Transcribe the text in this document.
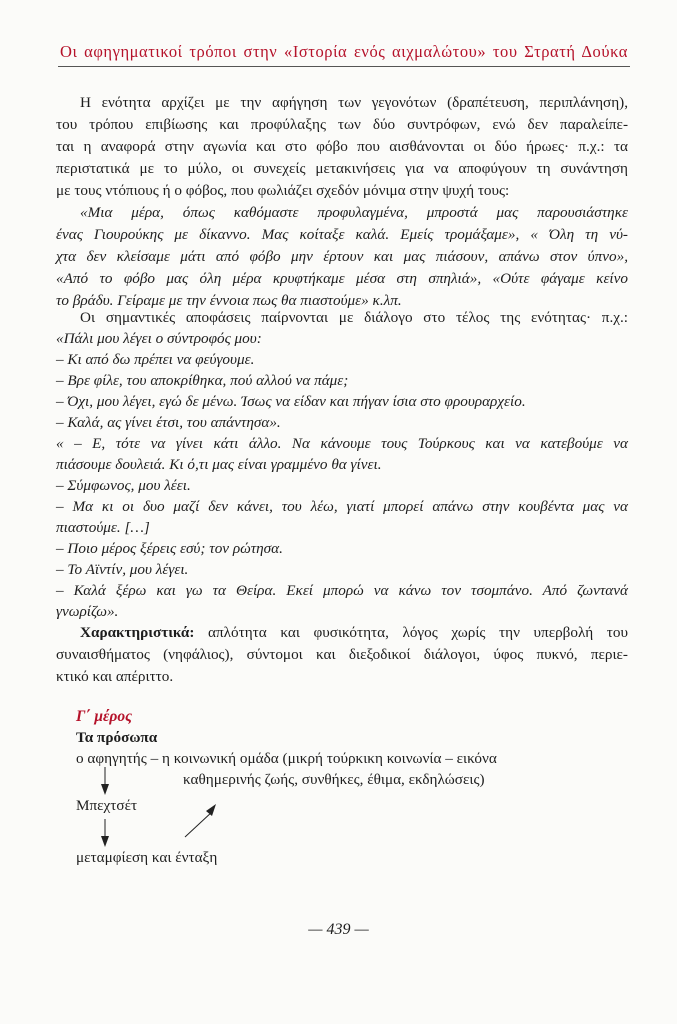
Οι αφηγηματικοί τρόποι στην «Ιστορία ενός αιχμαλώτου» του Στρατή Δούκα
Η ενότητα αρχίζει με την αφήγηση των γεγονότων (δραπέτευση, περιπλάνηση),
του τρόπου επιβίωσης και προφύλαξης των δύο συντρόφων, ενώ δεν παραλείπε-
ται η αναφορά στην αγωνία και στο φόβο που αισθάνονται οι δύο ήρωες· π.χ.: τα
περιστατικά με το μύλο, οι συνεχείς μετακινήσεις για να αποφύγουν τη συνάντηση
με τους ντόπιους ή ο φόβος, που φωλιάζει σχεδόν μόνιμα στην ψυχή τους:
«Μια μέρα, όπως καθόμαστε προφυλαγμένα, μπροστά μας παρουσιάστηκε
ένας Γιουρούκης με δίκαννο. Μας κοίταξε καλά. Εμείς τρομάξαμε», « Όλη τη νύ-
χτα δεν κλείσαμε μάτι από φόβο μην έρτουν και μας πιάσουν, απάνω στον ύπνο»,
«Από το φόβο μας όλη μέρα κρυφτήκαμε μέσα στη σπηλιά», «Ούτε φάγαμε κείνο
το βράδυ. Γείραμε με την έννοια πως θα πιαστούμε» κ.λπ.
Οι σημαντικές αποφάσεις παίρνονται με διάλογο στο τέλος της ενότητας· π.χ.:
«Πάλι μου λέγει ο σύντροφός μου:
– Κι από δω πρέπει να φεύγουμε.
– Βρε φίλε, του αποκρίθηκα, πού αλλού να πάμε;
– Όχι, μου λέγει, εγώ δε μένω. Ίσως να είδαν και πήγαν ίσια στο φρουραρχείο.
– Καλά, ας γίνει έτσι, του απάντησα».
« – Ε, τότε να γίνει κάτι άλλο. Να κάνουμε τους Τούρκους και να κατεβούμε να
πιάσουμε δουλειά. Κι ό,τι μας είναι γραμμένο θα γίνει.
– Σύμφωνος, μου λέει.
– Μα κι οι δυο μαζί δεν κάνει, του λέω, γιατί μπορεί απάνω στην κουβέντα μας να
πιαστούμε. […]
– Ποιο μέρος ξέρεις εσύ; τον ρώτησα.
– Το Αϊντίν, μου λέγει.
– Καλά ξέρω και γω τα Θείρα. Εκεί μπορώ να κάνω τον τσομπάνο. Από ζωντανά
γνωρίζω».
Χαρακτηριστικά: απλότητα και φυσικότητα, λόγος χωρίς την υπερβολή του
συναισθήματος (νηφάλιος), σύντομοι και διεξοδικοί διάλογοι, ύφος πυκνό, περιε-
κτικό και απέριττο.
Γ΄ μέρος
Τα πρόσωπα
ο αφηγητής – η κοινωνική ομάδα (μικρή τούρκικη κοινωνία – εικόνα
καθημερινής ζωής, συνθήκες, έθιμα, εκδηλώσεις)
Μπεχτσέτ
μεταμφίεση και ένταξη
— 439 —
